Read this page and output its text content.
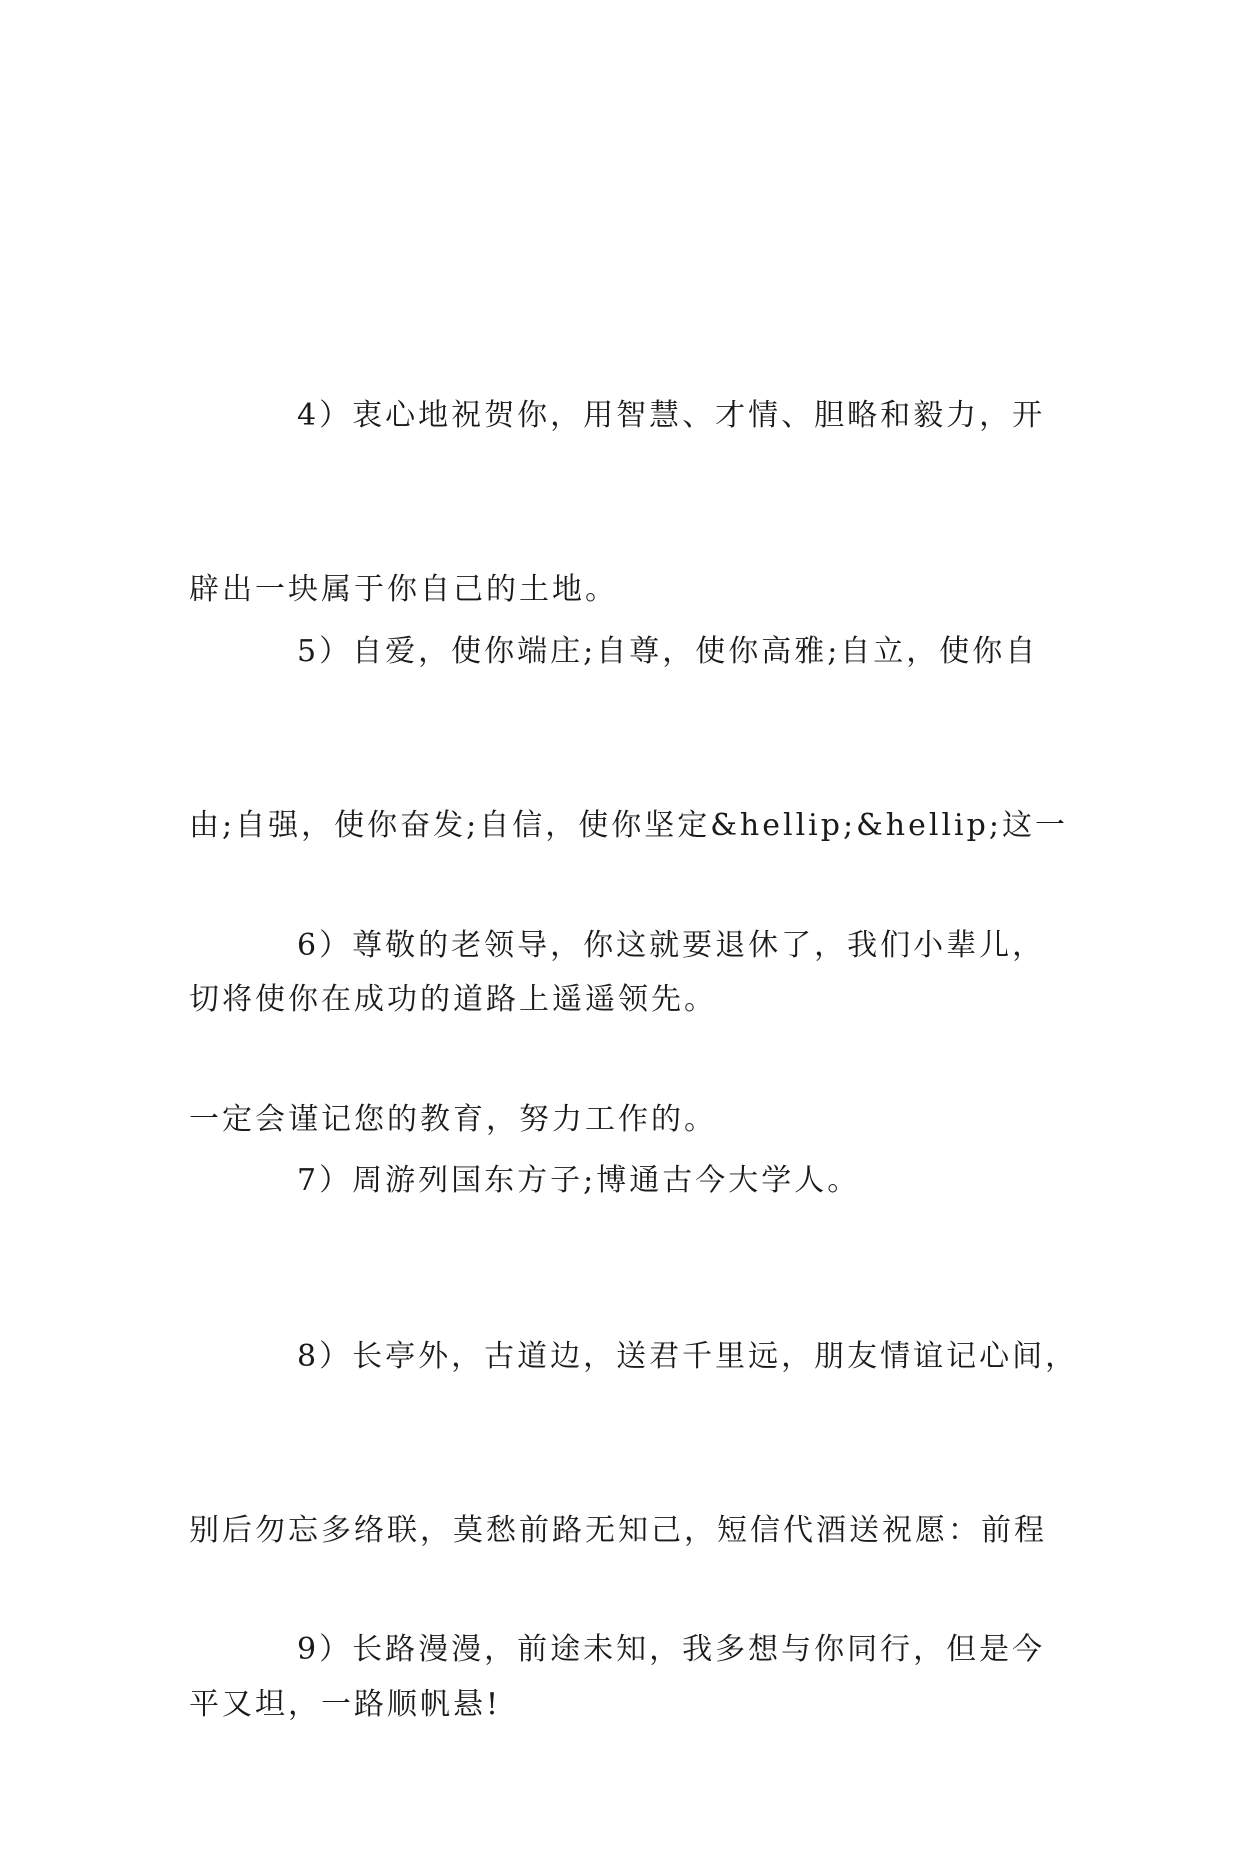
4）衷心地祝贺你，用智慧、才情、胆略和毅力，开

辟出一块属于你自己的土地。

5）自爱，使你端庄;自尊，使你高雅;自立，使你自

由;自强，使你奋发;自信，使你坚定&hellip;&hellip;这一

切将使你在成功的道路上遥遥领先。

6）尊敬的老领导，你这就要退休了，我们小辈儿，

一定会谨记您的教育，努力工作的。

7）周游列国东方子;博通古今大学人。

8）长亭外，古道边，送君千里远，朋友情谊记心间，

别后勿忘多络联，莫愁前路无知己，短信代酒送祝愿：前程

平又坦，一路顺帆悬!

9）长路漫漫，前途未知，我多想与你同行，但是今
